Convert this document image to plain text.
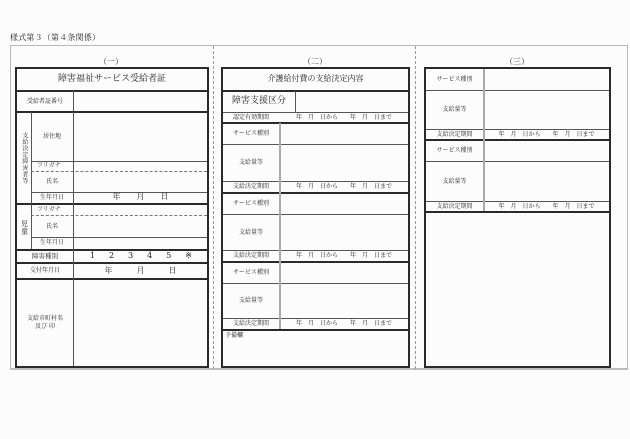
様式第３（第４条関係）
（一）	（二）	（三）
障害福祉サービス受給者証
受給者証番号
支給決定障害者等	居住地
フリガナ
氏名
生年月日	年　　月　　日
児童
フリガナ
氏名
生年月日
障害種別	1 2 3 4 5 ※
交付年月日	年　　　月　　　日
支給市町村名
及び 印
介護給付費の支給決定内容
障害支援区分
認定有効期間	年　月　日から　　年　月　日まで
サービス種別
支給量等
支給決定期間	年　月　日から　　年　月　日まで
サービス種別
支給量等
支給決定期間	年　月　日から　　年　月　日まで
サービス種別
支給量等
支給決定期間	年　月　日から　　年　月　日まで
予備欄
サービス種別
支給量等
支給決定期間	年　月　日から　　年　月　日まで
サービス種別
支給量等
支給決定期間	年　月　日から　　年　月　日まで
